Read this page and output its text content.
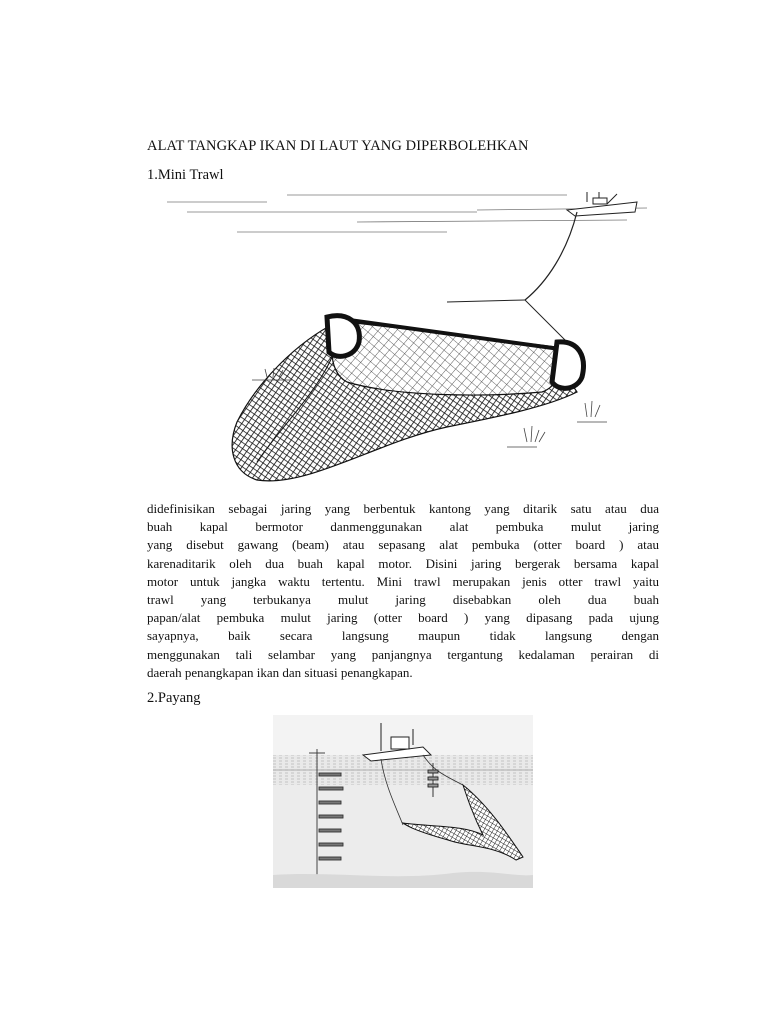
ALAT TANGKAP IKAN DI LAUT YANG DIPERBOLEHKAN
1.Mini Trawl
didefinisikan sebagai jaring yang berbentuk kantong yang ditarik satu atau dua
buah kapal bermotor danmenggunakan alat pembuka mulut jaring
yang disebut gawang (beam) atau sepasang alat pembuka (otter board ) atau
karenaditarik oleh dua buah kapal motor. Disini jaring bergerak bersama kapal
motor untuk jangka waktu tertentu. Mini trawl merupakan jenis otter trawl yaitu
trawl yang terbukanya mulut jaring disebabkan oleh dua buah
papan/alat pembuka mulut jaring (otter board ) yang dipasang pada ujung
sayapnya, baik secara langsung maupun tidak langsung dengan
menggunakan tali selambar yang panjangnya tergantung kedalaman perairan di
daerah penangkapan ikan dan situasi penangkapan.
2.Payang
